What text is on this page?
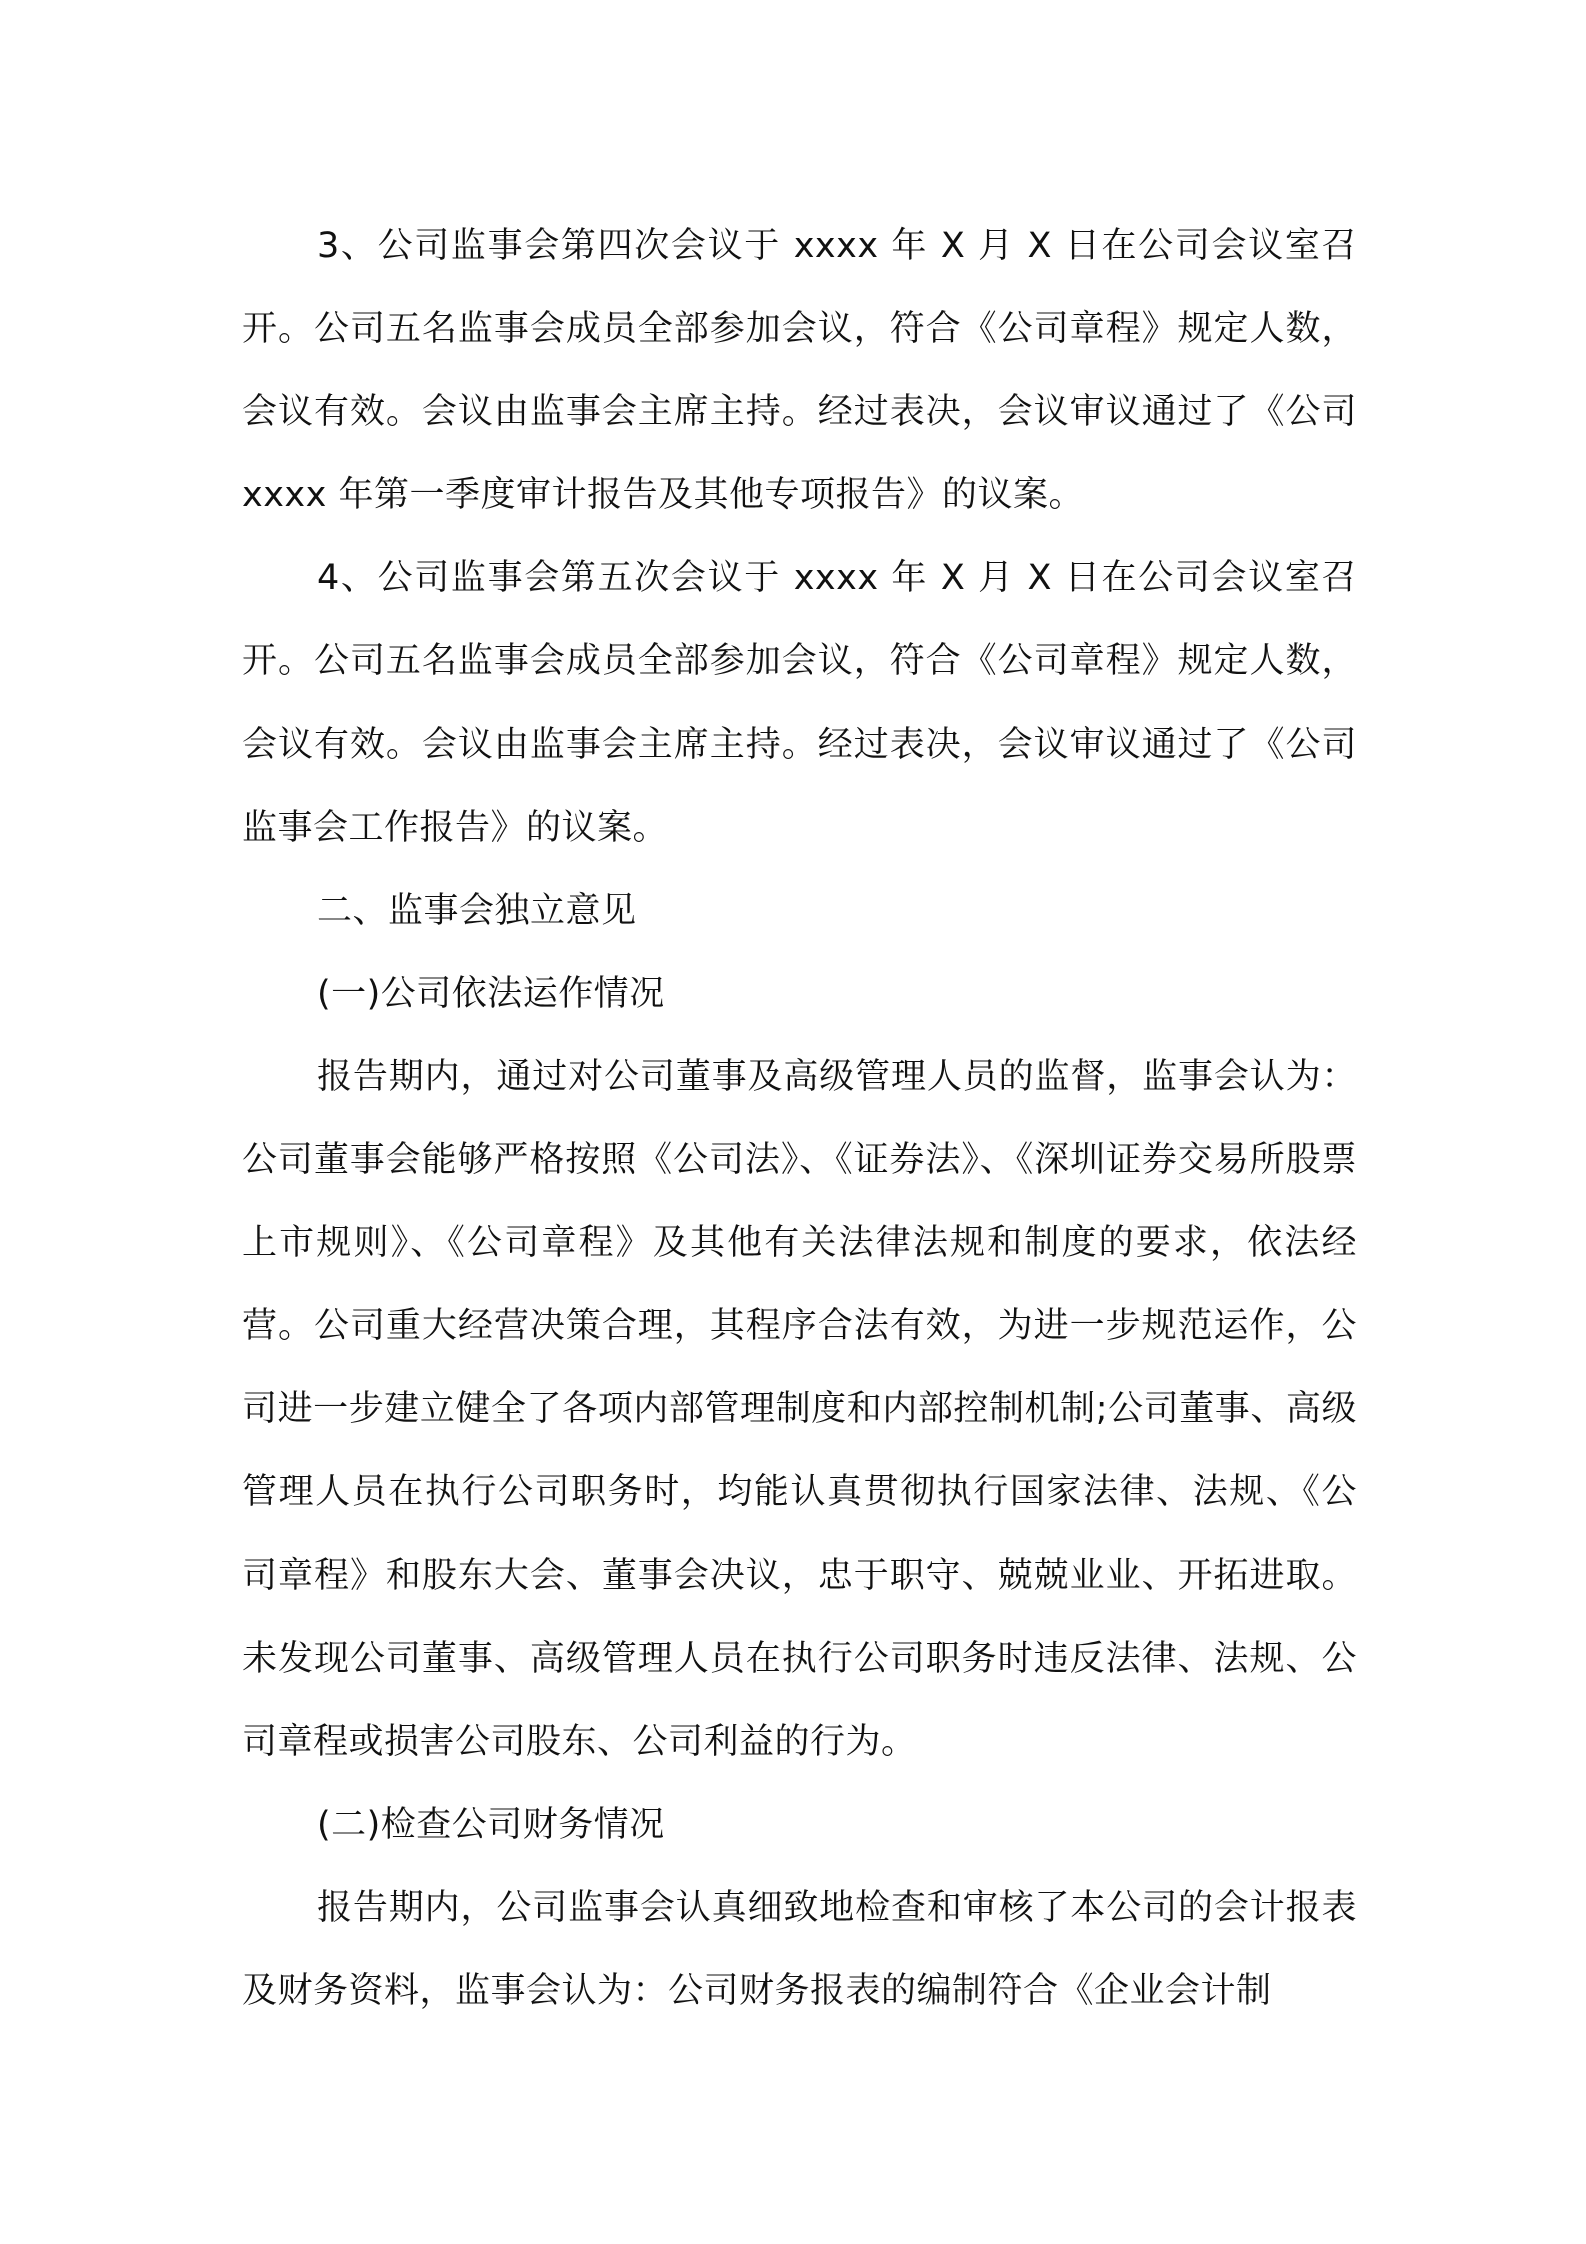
3、公司监事会第四次会议于 xxxx 年 X 月 X 日在公司会议室召开。公司五名监事会成员全部参加会议，符合《公司章程》规定人数，会议有效。会议由监事会主席主持。经过表决，会议审议通过了《公司 xxxx 年第一季度审计报告及其他专项报告》的议案。

4、公司监事会第五次会议于 xxxx 年 X 月 X 日在公司会议室召开。公司五名监事会成员全部参加会议，符合《公司章程》规定人数，会议有效。会议由监事会主席主持。经过表决，会议审议通过了《公司监事会工作报告》的议案。

二、监事会独立意见

(一)公司依法运作情况

报告期内，通过对公司董事及高级管理人员的监督，监事会认为：公司董事会能够严格按照《公司法》、《证券法》、《深圳证券交易所股票上市规则》、《公司章程》及其他有关法律法规和制度的要求，依法经营。公司重大经营决策合理，其程序合法有效，为进一步规范运作，公司进一步建立健全了各项内部管理制度和内部控制机制;公司董事、高级管理人员在执行公司职务时，均能认真贯彻执行国家法律、法规、《公司章程》和股东大会、董事会决议，忠于职守、兢兢业业、开拓进取。未发现公司董事、高级管理人员在执行公司职务时违反法律、法规、公司章程或损害公司股东、公司利益的行为。

(二)检查公司财务情况

报告期内，公司监事会认真细致地检查和审核了本公司的会计报表及财务资料，监事会认为：公司财务报表的编制符合《企业会计制
